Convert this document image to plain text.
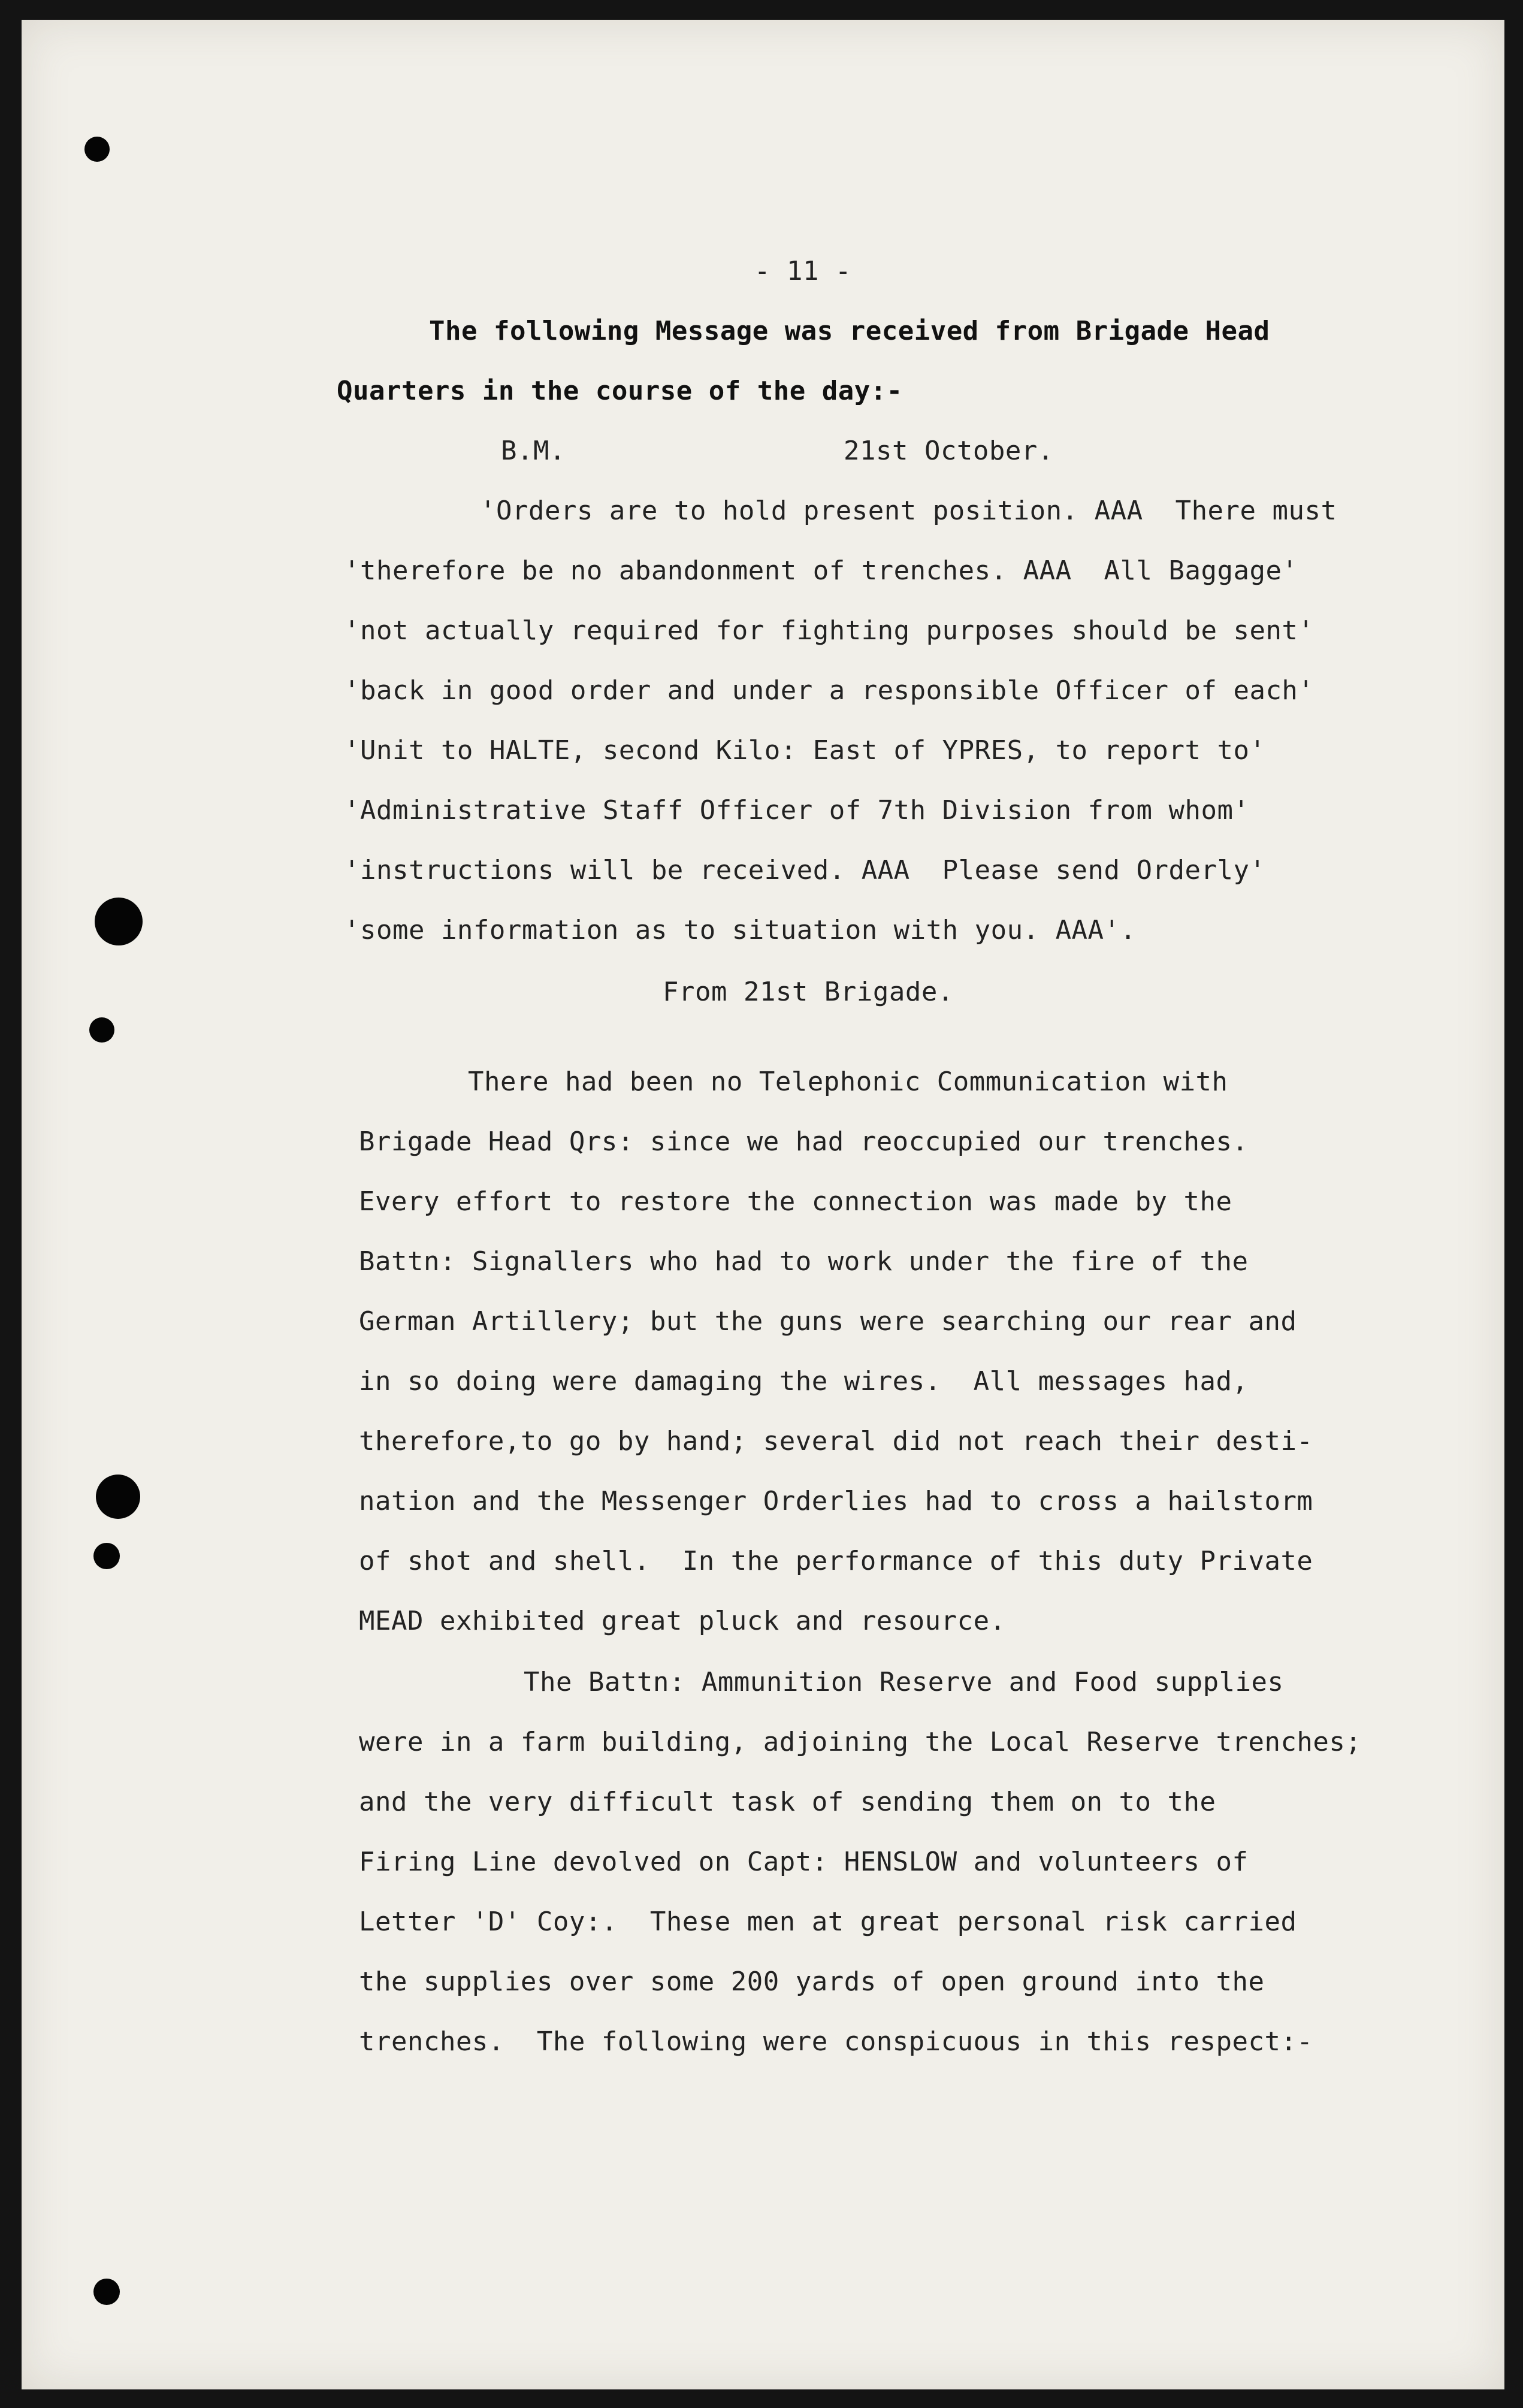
- 11 -
The following Message was received from Brigade Head
Quarters in the course of the day:-
B.M.	21st October.
'Orders are to hold present position. AAA  There must
'therefore be no abandonment of trenches. AAA  All Baggage'
'not actually required for fighting purposes should be sent'
'back in good order and under a responsible Officer of each'
'Unit to HALTE, second Kilo: East of YPRES, to report to'
'Administrative Staff Officer of 7th Division from whom'
'instructions will be received. AAA  Please send Orderly'
'some information as to situation with you. AAA'.
From 21st Brigade.
There had been no Telephonic Communication with
Brigade Head Qrs: since we had reoccupied our trenches.
Every effort to restore the connection was made by the
Battn: Signallers who had to work under the fire of the
German Artillery; but the guns were searching our rear and
in so doing were damaging the wires.  All messages had,
therefore,to go by hand; several did not reach their desti-
nation and the Messenger Orderlies had to cross a hailstorm
of shot and shell.  In the performance of this duty Private
MEAD exhibited great pluck and resource.
The Battn: Ammunition Reserve and Food supplies
were in a farm building, adjoining the Local Reserve trenches;
and the very difficult task of sending them on to the
Firing Line devolved on Capt: HENSLOW and volunteers of
Letter 'D' Coy:.  These men at great personal risk carried
the supplies over some 200 yards of open ground into the
trenches.  The following were conspicuous in this respect:-
